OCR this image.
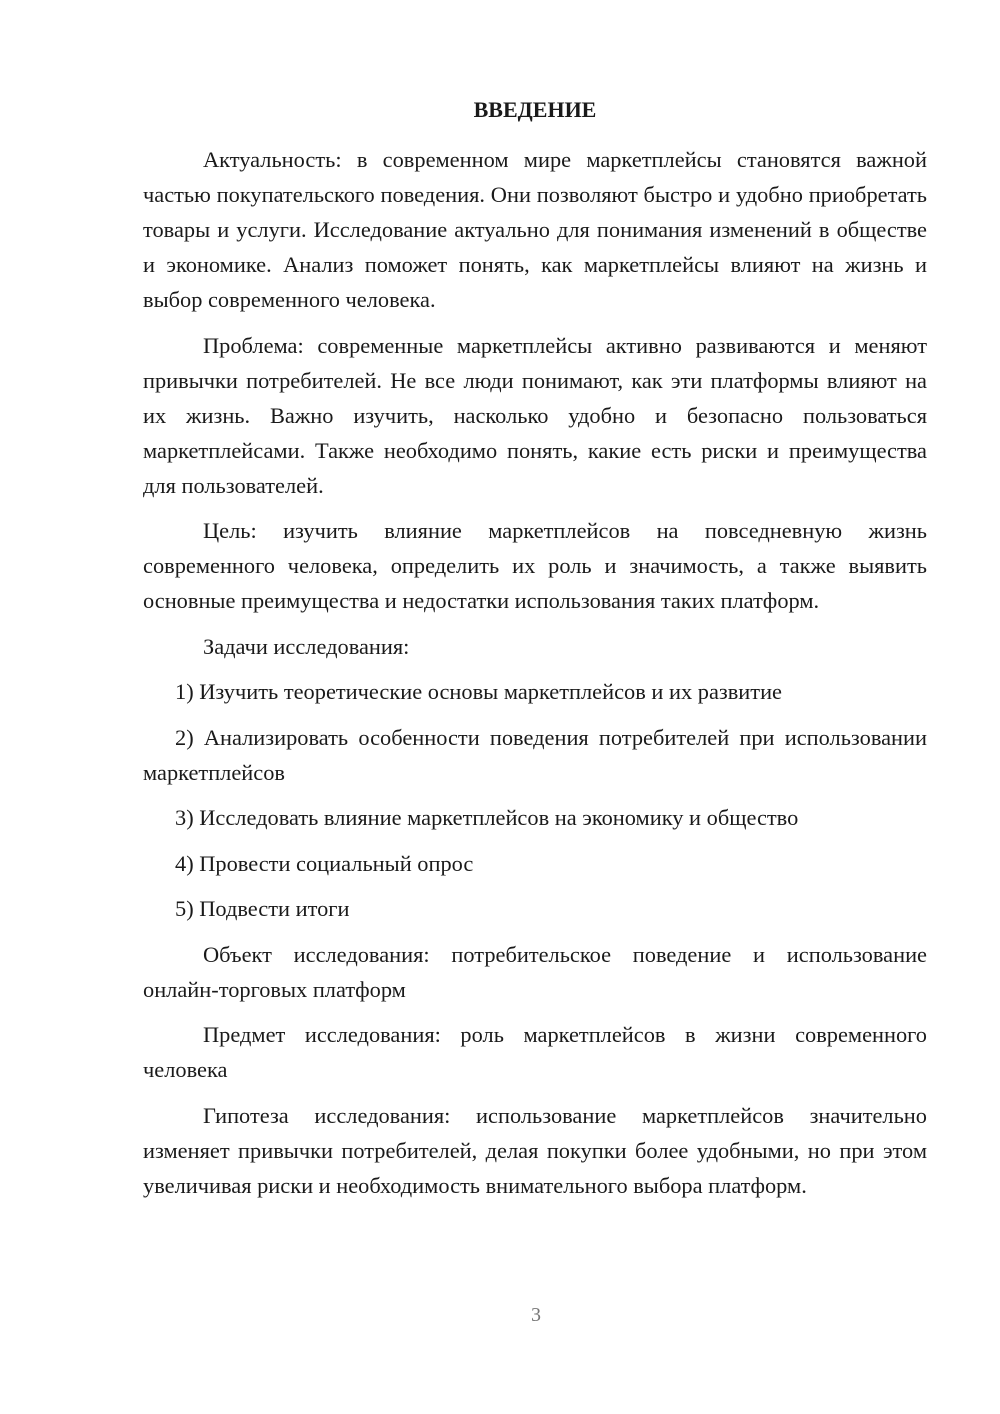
ВВЕДЕНИЕ

Актуальность: в современном мире маркетплейсы становятся важной частью покупательского поведения. Они позволяют быстро и удобно приобретать товары и услуги. Исследование актуально для понимания изменений в обществе и экономике. Анализ поможет понять, как маркетплейсы влияют на жизнь и выбор современного человека.

Проблема: современные маркетплейсы активно развиваются и меняют привычки потребителей. Не все люди понимают, как эти платформы влияют на их жизнь. Важно изучить, насколько удобно и безопасно пользоваться маркетплейсами. Также необходимо понять, какие есть риски и преимущества для пользователей.

Цель: изучить влияние маркетплейсов на повседневную жизнь современного человека, определить их роль и значимость, а также выявить основные преимущества и недостатки использования таких платформ.

Задачи исследования:

1) Изучить теоретические основы маркетплейсов и их развитие

2) Анализировать особенности поведения потребителей при использовании маркетплейсов

3) Исследовать влияние маркетплейсов на экономику и общество

4) Провести социальный опрос

5) Подвести итоги

Объект исследования: потребительское поведение и использование онлайн-торговых платформ

Предмет исследования: роль маркетплейсов в жизни современного человека

Гипотеза исследования: использование маркетплейсов значительно изменяет привычки потребителей, делая покупки более удобными, но при этом увеличивая риски и необходимость внимательного выбора платформ.

3
